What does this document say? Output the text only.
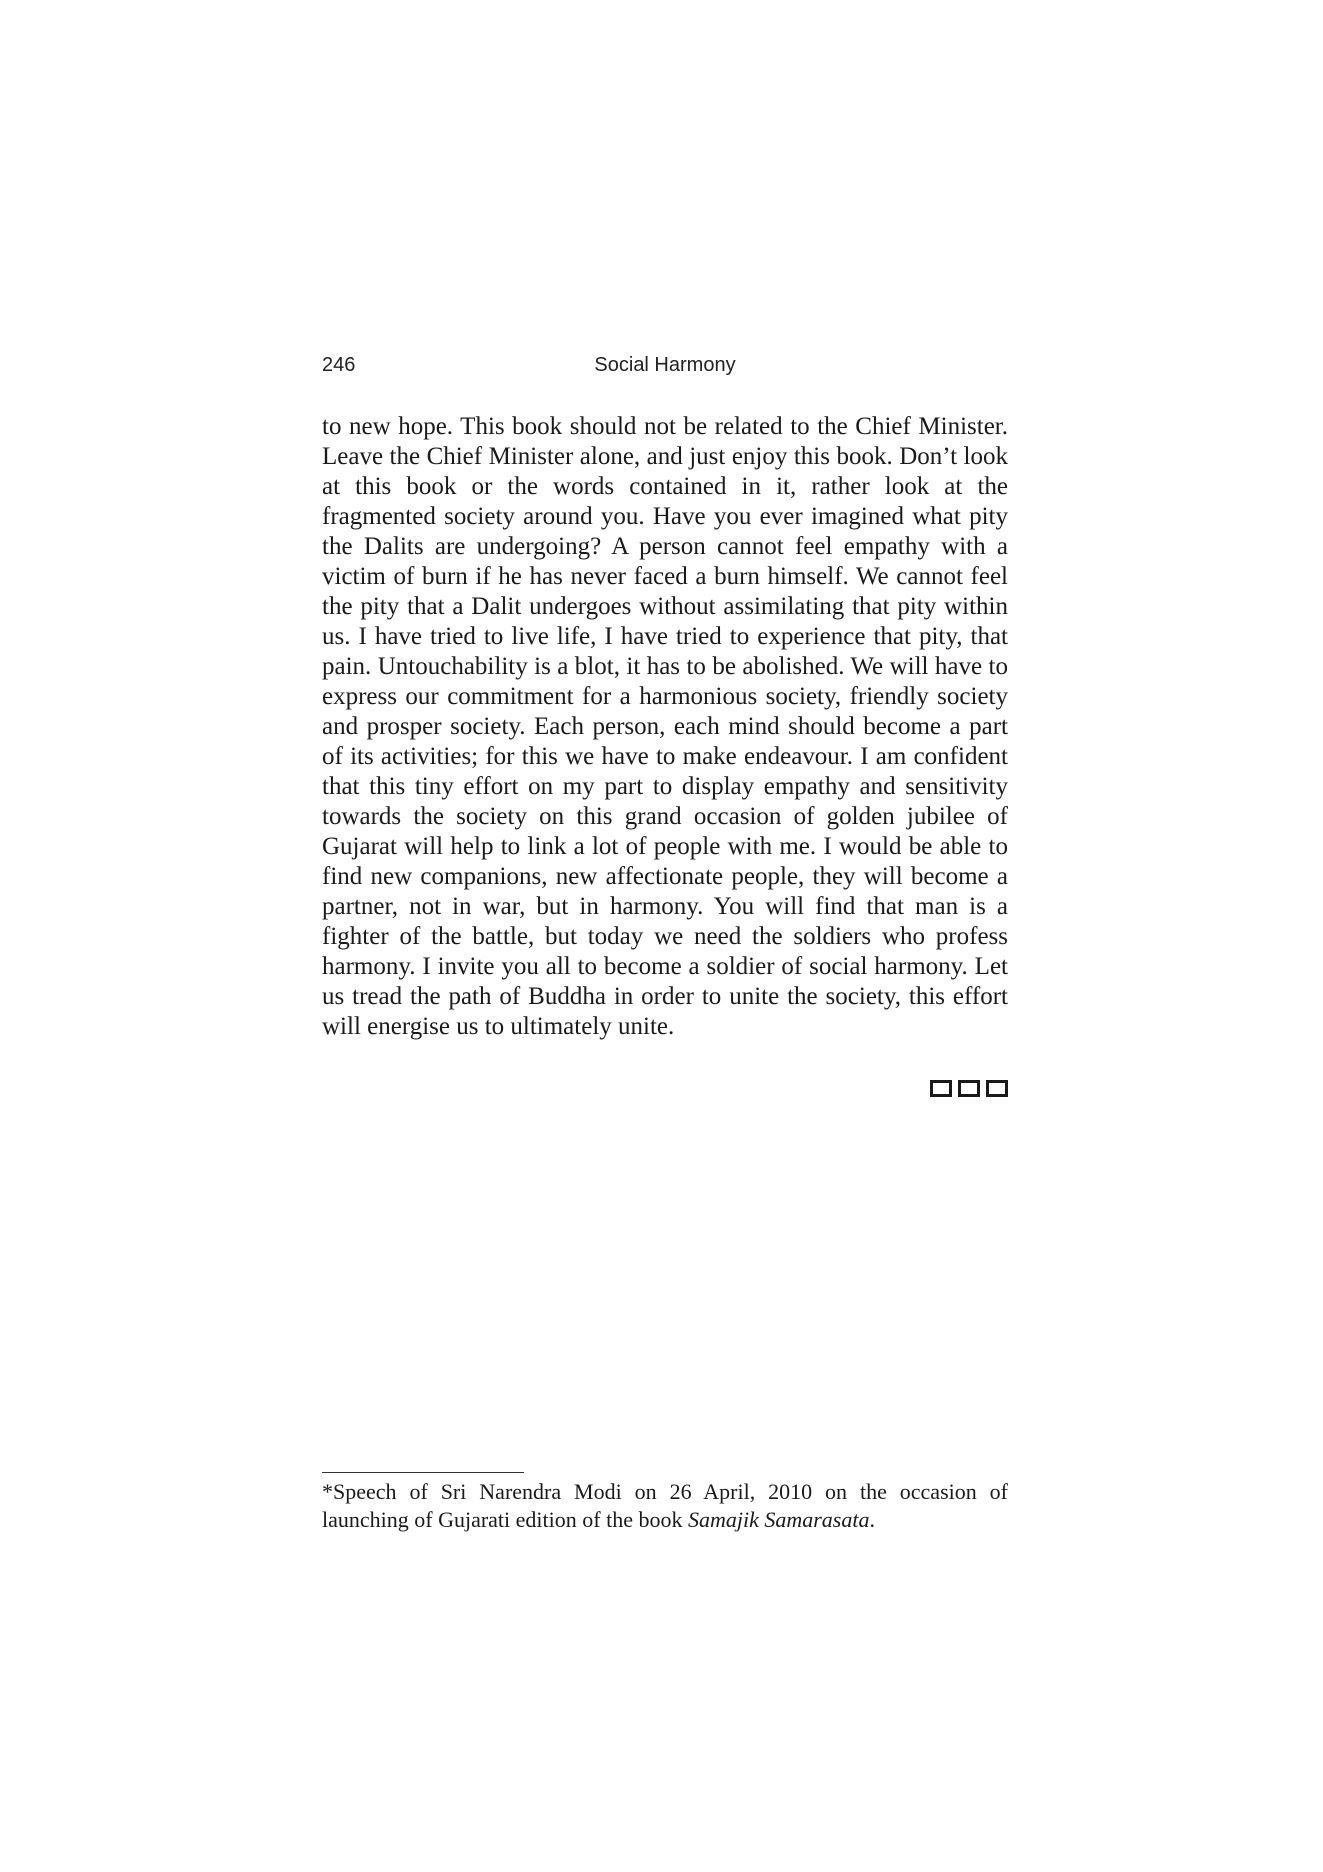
246	Social Harmony

to new hope. This book should not be related to the Chief Minister. Leave the Chief Minister alone, and just enjoy this book. Don’t look at this book or the words contained in it, rather look at the fragmented society around you. Have you ever imagined what pity the Dalits are undergoing? A person cannot feel empathy with a victim of burn if he has never faced a burn himself. We cannot feel the pity that a Dalit undergoes without assimilating that pity within us. I have tried to live life, I have tried to experience that pity, that pain. Untouchability is a blot, it has to be abolished. We will have to express our commitment for a harmonious society, friendly society and prosper society. Each person, each mind should become a part of its activities; for this we have to make endeavour. I am confident that this tiny effort on my part to display empathy and sensitivity towards the society on this grand occasion of golden jubilee of Gujarat will help to link a lot of people with me. I would be able to find new companions, new affectionate people, they will become a partner, not in war, but in harmony. You will find that man is a fighter of the battle, but today we need the soldiers who profess harmony. I invite you all to become a soldier of social harmony. Let us tread the path of Buddha in order to unite the society, this effort will energise us to ultimately unite.

*Speech of Sri Narendra Modi on 26 April, 2010 on the occasion of launching of Gujarati edition of the book Samajik Samarasata.
